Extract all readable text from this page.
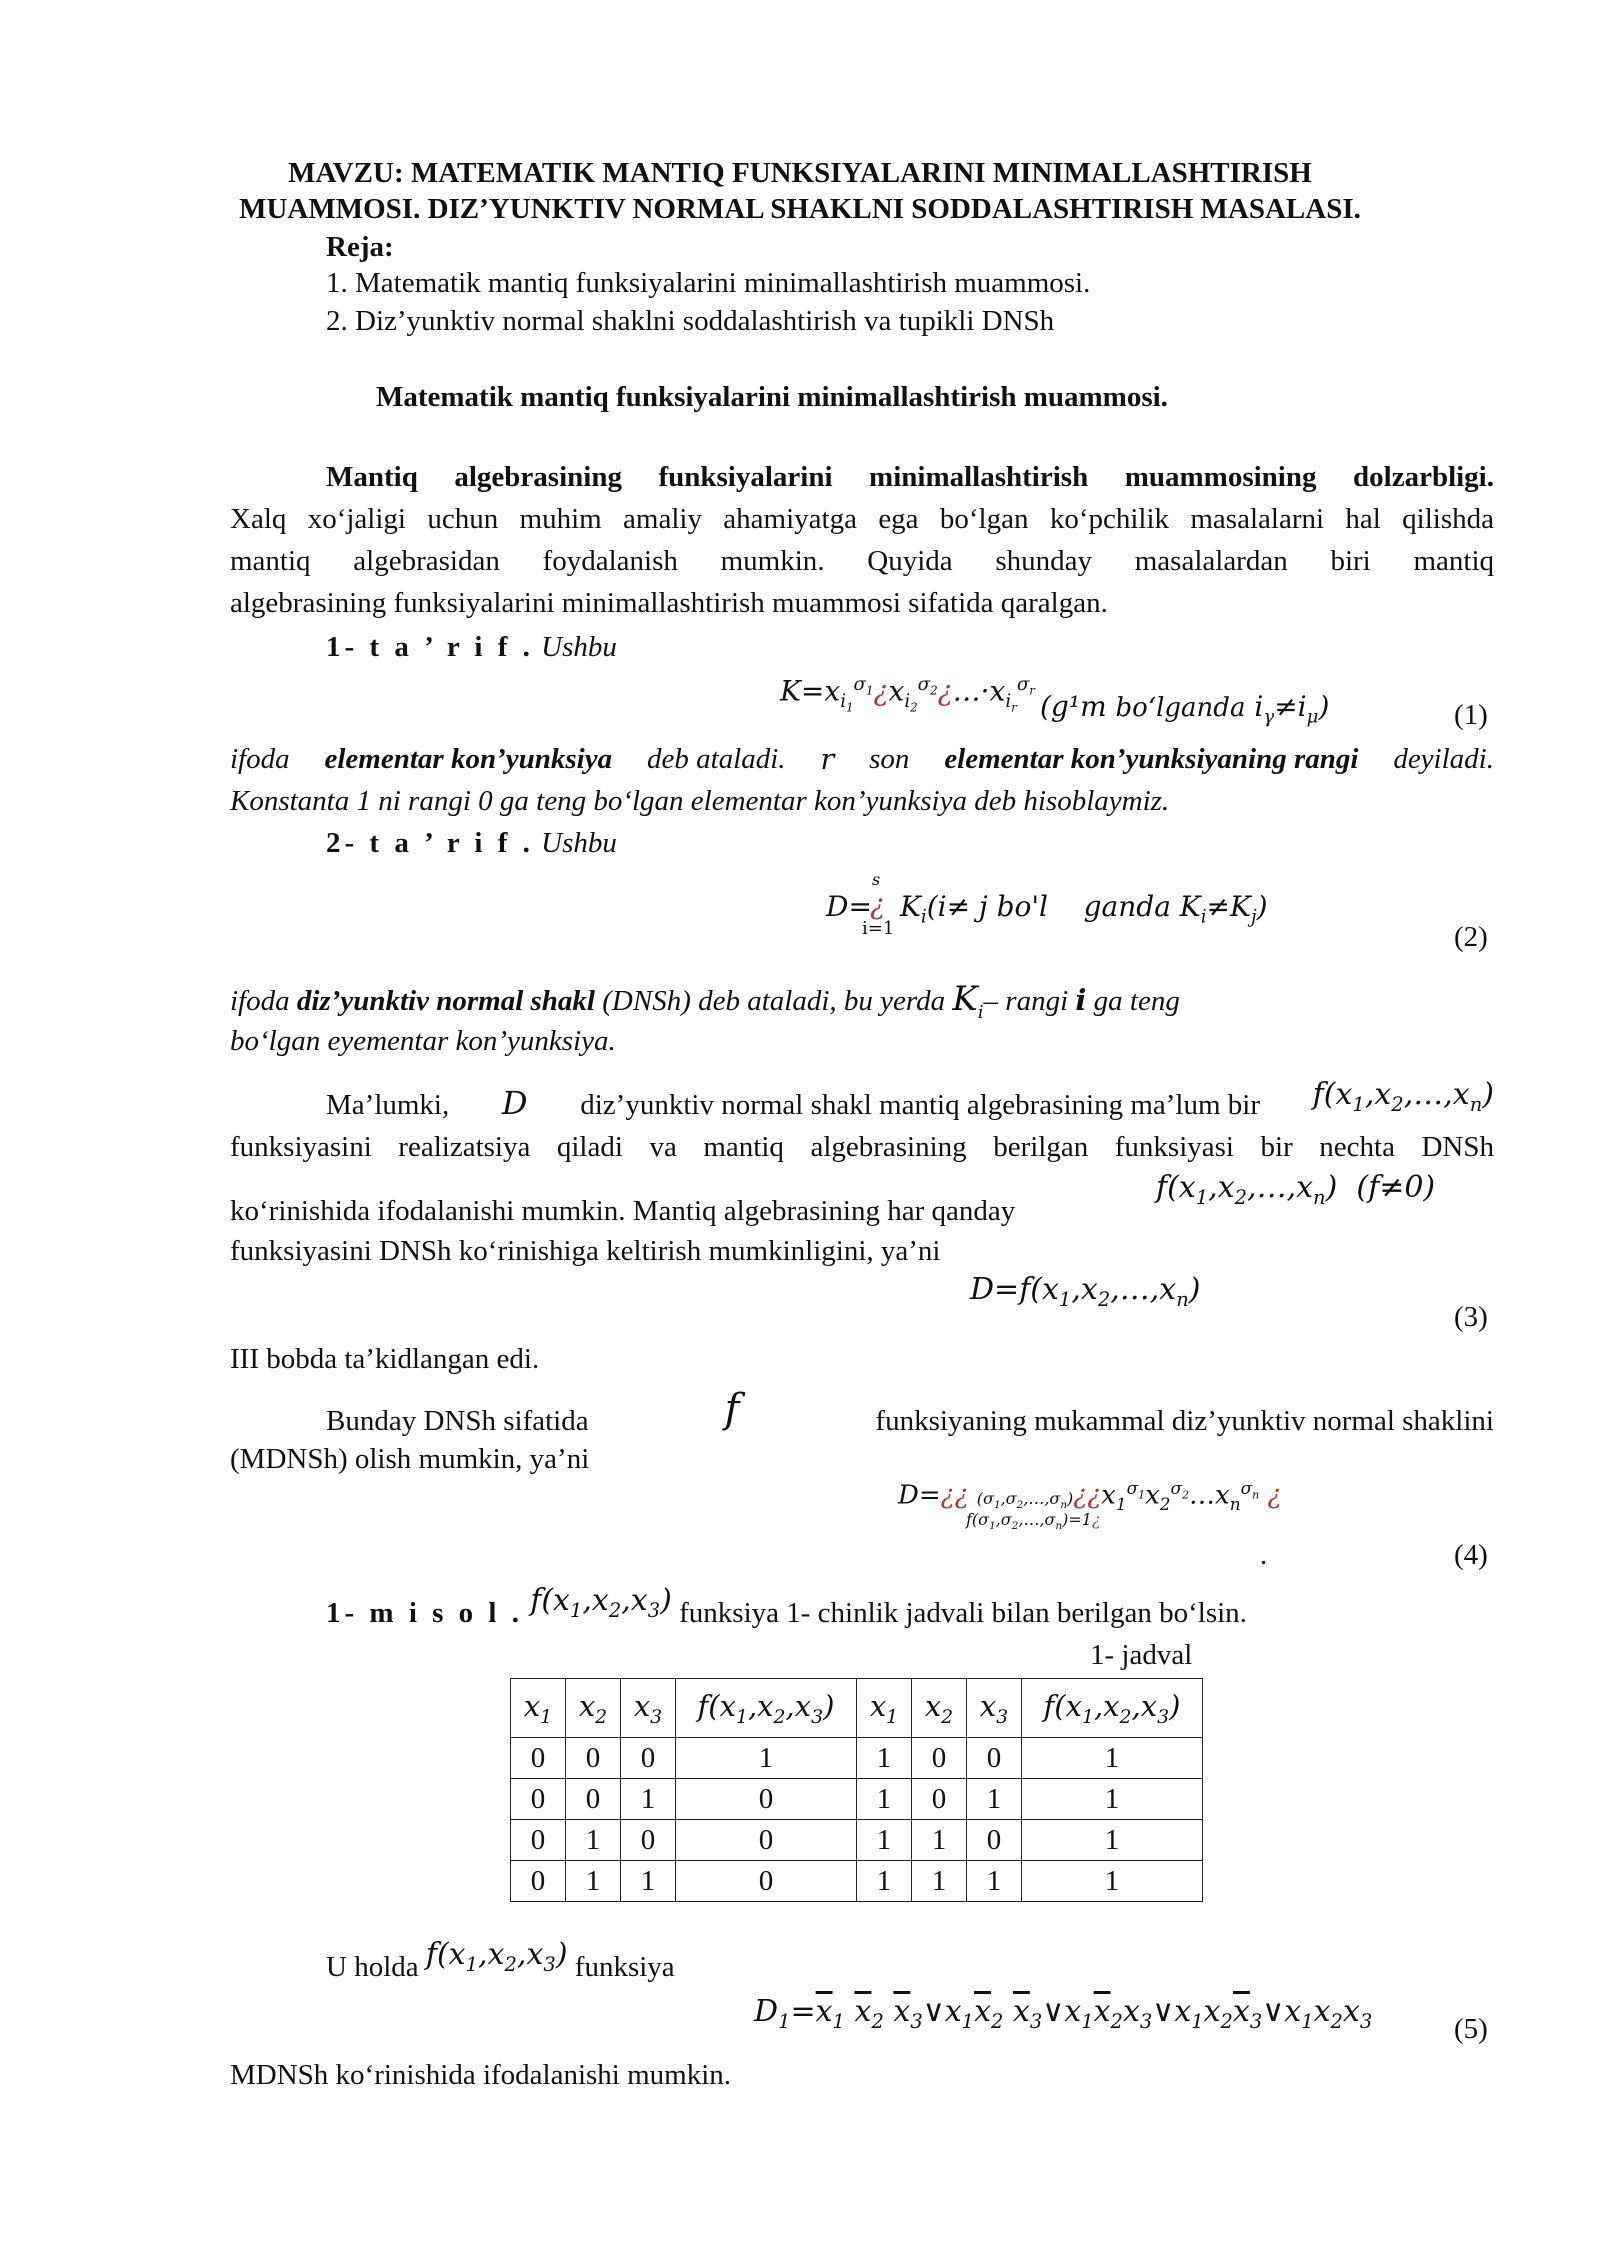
MAVZU: MATEMATIK MANTIQ FUNKSIYALARINI MINIMALLASHTIRISH
MUAMMOSI. DIZ’YUNKTIV NORMAL SHAKLNI SODDALASHTIRISH MASALASI.
Reja:
1. Matematik mantiq funksiyalarini minimallashtirish muammosi.
2. Diz’yunktiv normal shaklni soddalashtirish va tupikli DNSh
Matematik mantiq funksiyalarini minimallashtirish muammosi.
Mantiq algebrasining funksiyalarini minimallashtirish muammosining dolzarbligi.
Xalq xo‘jaligi uchun muhim amaliy ahamiyatga ega bo‘lgan ko‘pchilik masalalarni hal qilishda
mantiq algebrasidan foydalanish mumkin. Quyida shunday masalalardan biri mantiq
algebrasining funksiyalarini minimallashtirish muammosi sifatida qaralgan.
1- t a ’ r i f . Ushbu
$K=x_{i_1}^{\sigma_1}¿x_{i_2}^{\sigma_2}¿\dots\cdot x_{i_r}^{\sigma_r}$ (g¹m bo‘lganda $i_\gamma\ne i_\mu$)	(1)
ifoda elementar kon’yunksiya deb ataladi. r son elementar kon’yunksiyaning rangi deyiladi.
Konstanta 1 ni rangi 0 ga teng bo‘lgan elementar kon’yunksiya deb hisoblaymiz.
2- t a ’ r i f . Ushbu
D=
s
¿
i=1
$K_i(i\ne j$ bo'l ganda $K_i\ne K_j$)
(2)
ifoda diz’yunktiv normal shakl (DNSh) deb ataladi, bu yerda $K_i-$ rangi i ga teng
bo‘lgan eyementar kon’yunksiya.
Ma’lumki, D diz’yunktiv normal shakl mantiq algebrasining ma’lum bir $f(x_1,x_2,\dots,x_n)$
funksiyasini realizatsiya qiladi va mantiq algebrasining berilgan funksiyasi bir nechta DNSh
ko‘rinishida ifodalanishi mumkin. Mantiq algebrasining har qanday
$f(x_1,x_2,\dots,x_n)$  (f≠0)
funksiyasini DNSh ko‘rinishiga keltirish mumkinligini, ya’ni
$D=f(x_1,x_2,\dots,x_n)$
(3)
III bobda ta’kidlangan edi.
Bunday DNSh sifatida	f	funksiyaning mukammal diz’yunktiv normal shaklini
(MDNSh) olish mumkin, ya’ni
D=¿¿ $(\sigma_1,\sigma_2,\dots,\sigma_n)¿¿x_1^{\sigma_1}x_2^{\sigma_2}\dots x_n^{\sigma_n}$ ¿
$f(\sigma_1,\sigma_2,\dots,\sigma_n)=1¿$
.	(4)
1- m i s o l . $f(x_1,x_2,x_3)$ funksiya 1- chinlik jadvali bilan berilgan bo‘lsin.
1- jadval
$x_1$	$x_2$	$x_3$	$f(x_1,x_2,x_3)$	$x_1$	$x_2$	$x_3$	$f(x_1,x_2,x_3)$
0	0	0	1	1	0	0	1
0	0	1	0	1	0	1	1
0	1	0	0	1	1	0	1
0	1	1	0	1	1	1	1
U holda $f(x_1,x_2,x_3)$ funksiya
$D_1=\overline{x}_1$ $\overline{x}_2$ $\overline{x}_3\vee x_1\overline{x}_2$ $\overline{x}_3\vee x_1\overline{x}_2x_3\vee x_1x_2\overline{x}_3\vee x_1x_2x_3$	(5)
MDNSh ko‘rinishida ifodalanishi mumkin.
